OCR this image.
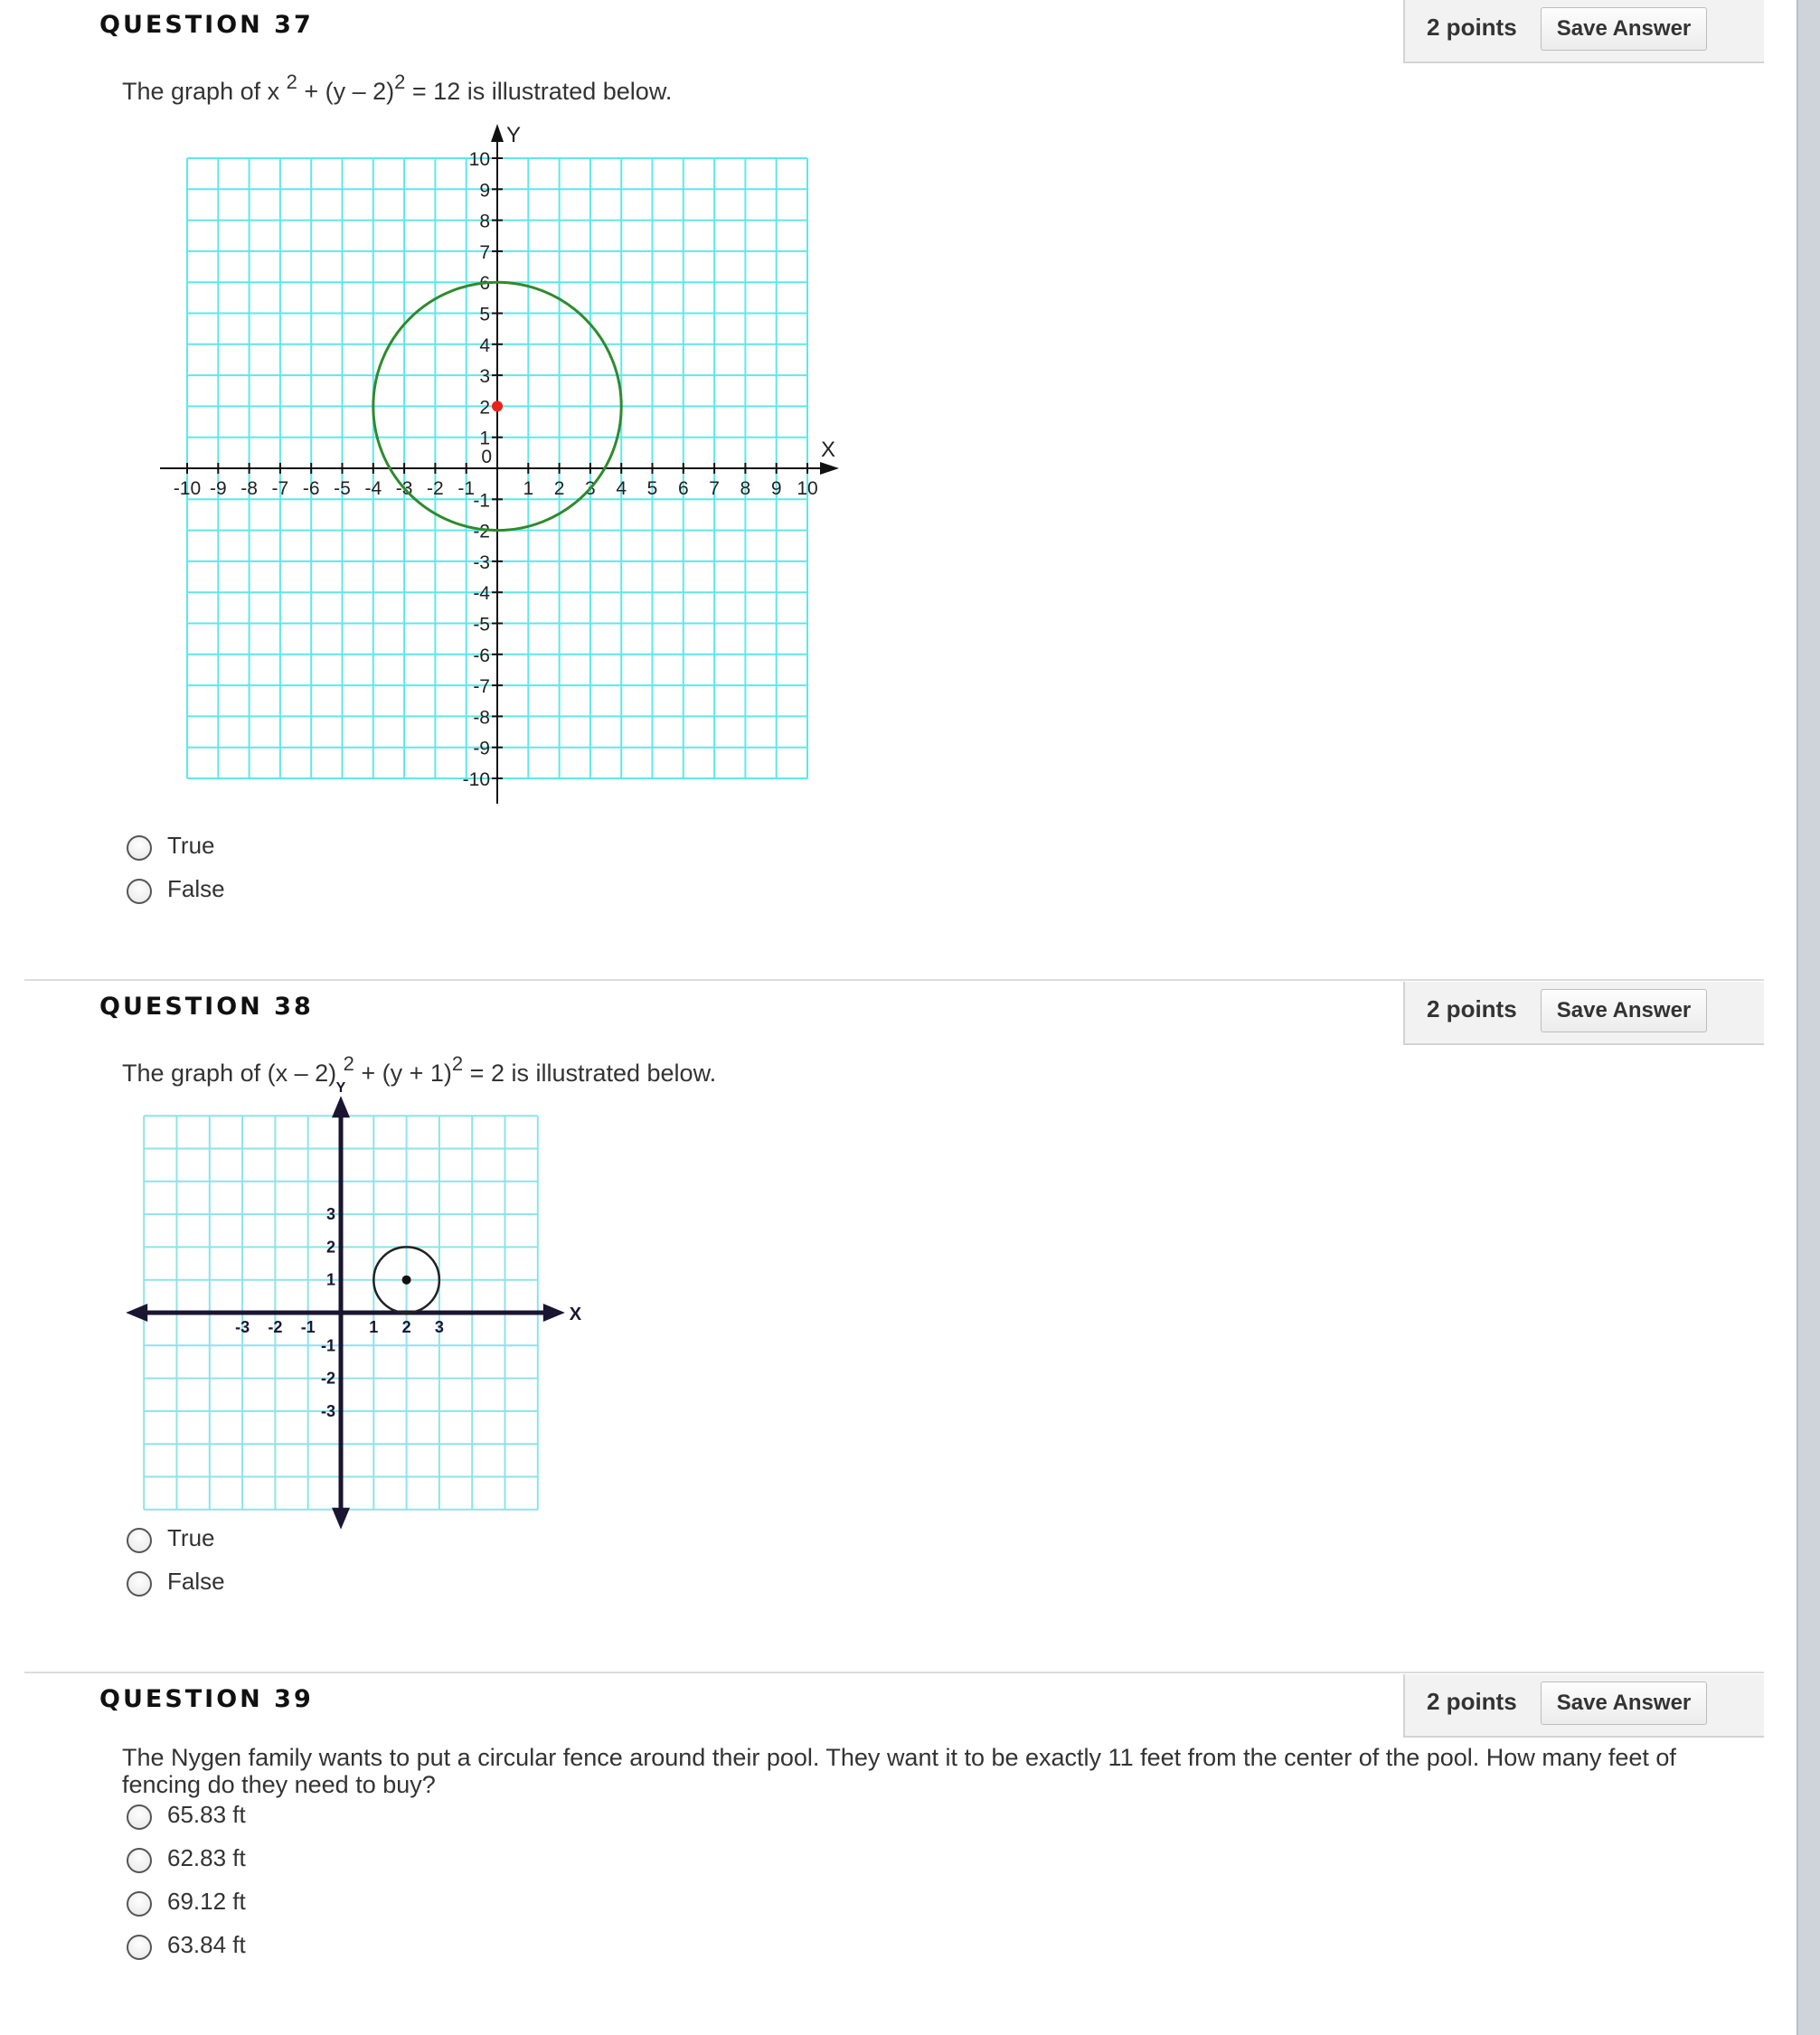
QUESTION 37	2 points	Save Answer
The graph of x $^2$ + (y – 2)$^2$ = 12 is illustrated below.
X
Y
-10 -9 -8 -7 -6 -5 -4 -3 -2 -1	1 2 3 4 5 6 7 8 9 10
10
9
8
7
6
5
4
3
2
1
-1
-2
-3
-4
-5
-6
-7
-8
-9
-10
0
True
False
QUESTION 38	2 points	Save Answer
The graph of (x – 2) $^2 + (y + 1)^2 = 2$ is illustrated below.
X
Y
-3 -2 -1	1 2 3
3
2
1
-1
-2
-3
True
False
QUESTION 39	2 points	Save Answer
The Nygen family wants to put a circular fence around their pool. They want it to be exactly 11 feet from the center of the pool. How many feet of
fencing do they need to buy?
65.83 ft
62.83 ft
69.12 ft
63.84 ft
